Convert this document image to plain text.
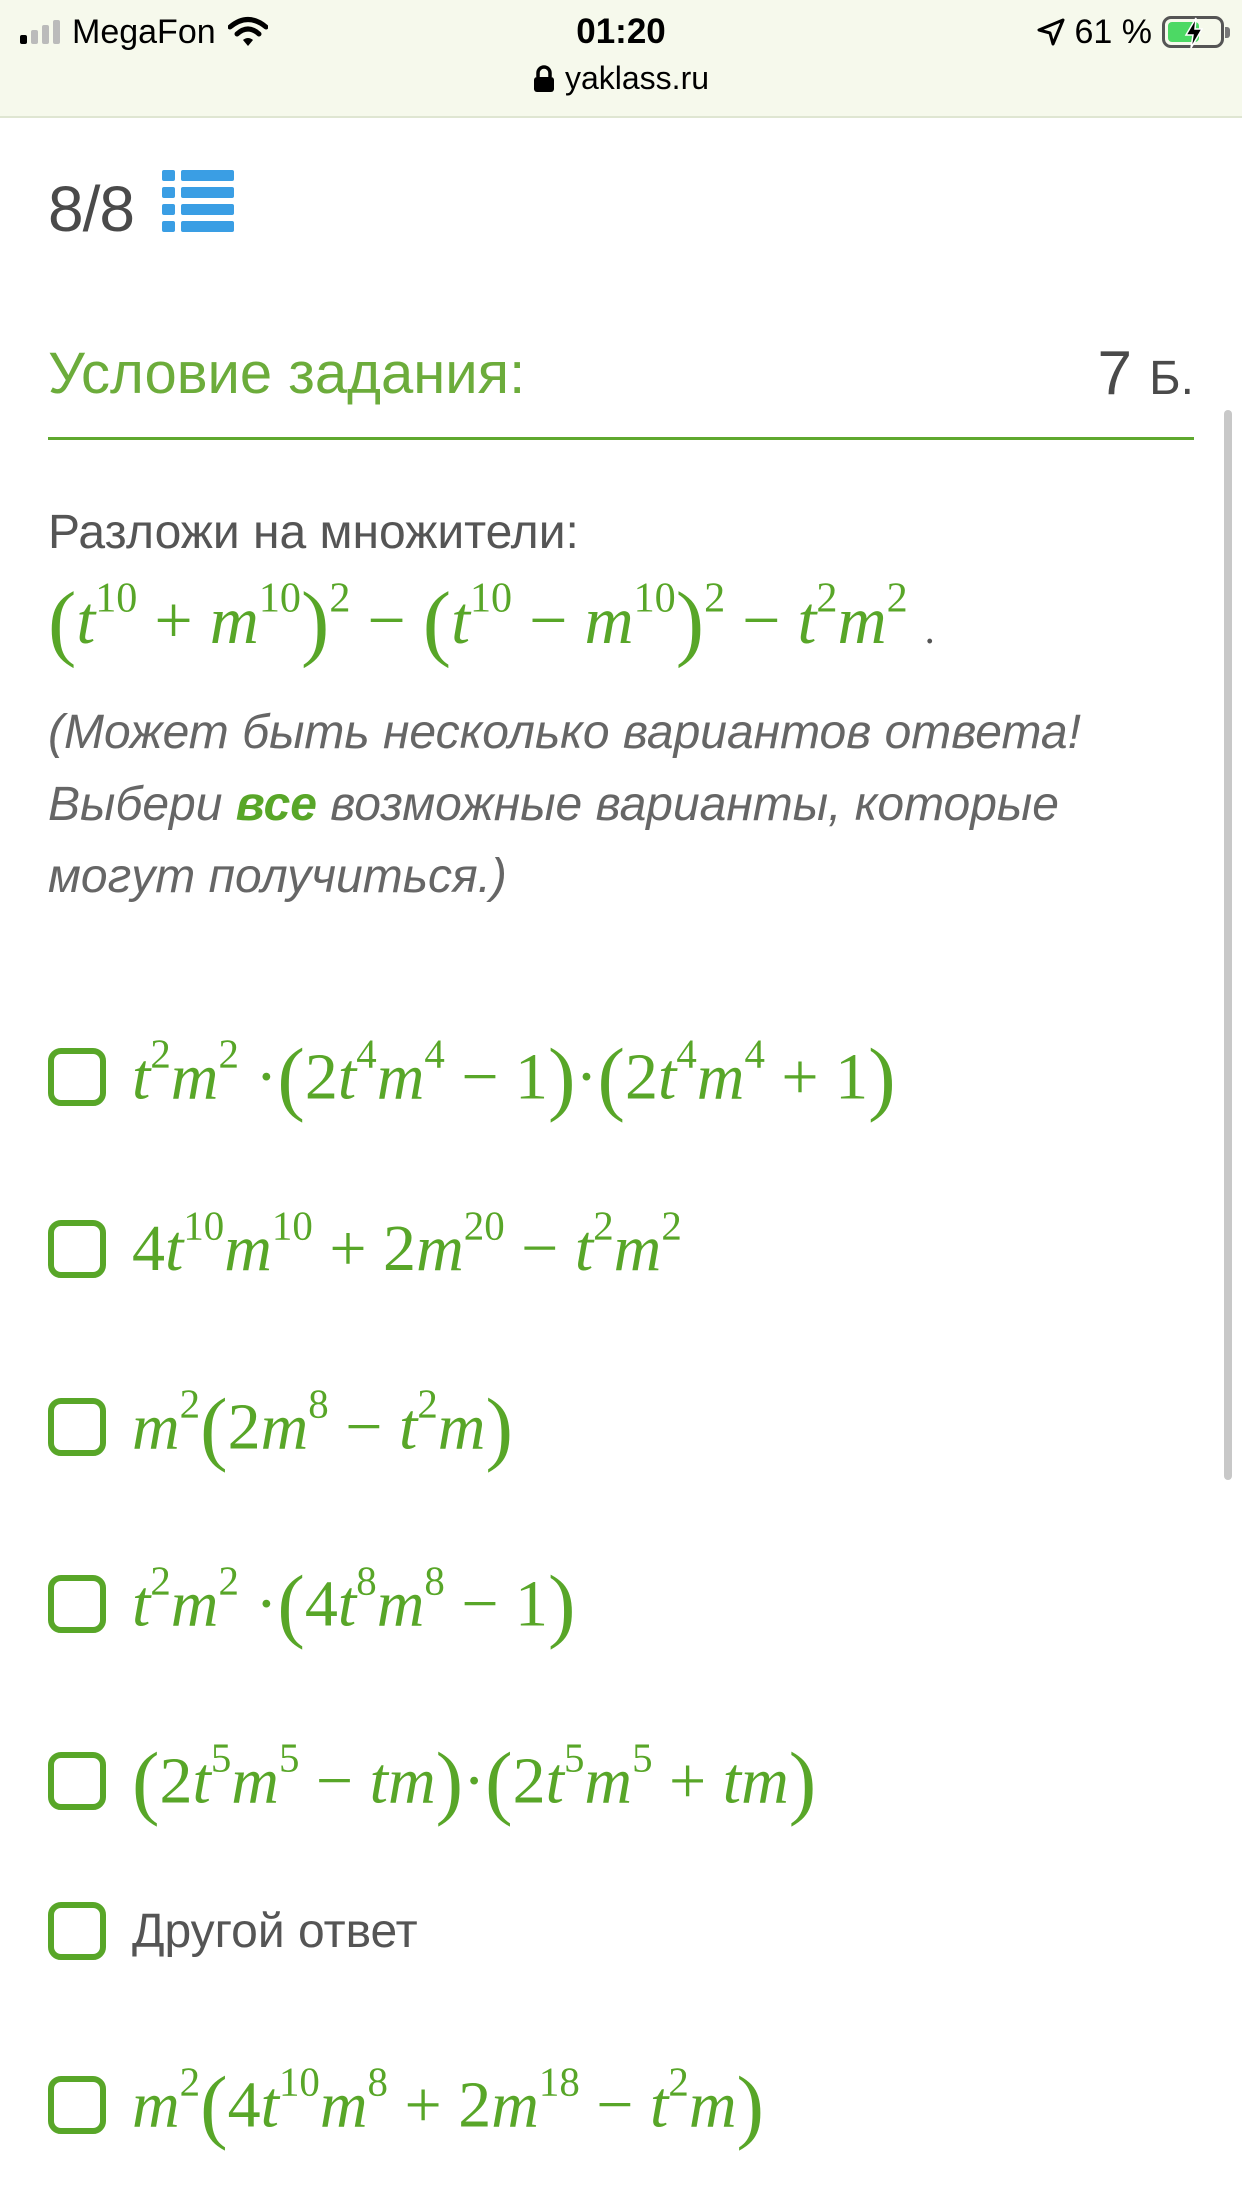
MegaFon	01:20
yaklass.ru
61 %
8 / 8
Условие задания:	7 Б.
Разложи на множители:
$(t^{10} + m^{10})^2 - (t^{10} - m^{10})^2 - t^2m^2$ .
(Может быть несколько вариантов ответа! Выбери все возможные варианты, которые могут получиться.)
$t^2m^2 \cdot(2t^4m^4 - 1)\cdot(2t^4m^4 + 1)$
$4t^{10}m^{10} + 2m^{20} - t^2m^2$
$m^2(2m^8 - t^2m)$
$t^2m^2 \cdot(4t^8m^8 - 1)$
$(2t^5m^5 - tm)\cdot(2t^5m^5 + tm)$
Другой ответ
$m^2(4t^{10}m^8 + 2m^{18} - t^2m)$
